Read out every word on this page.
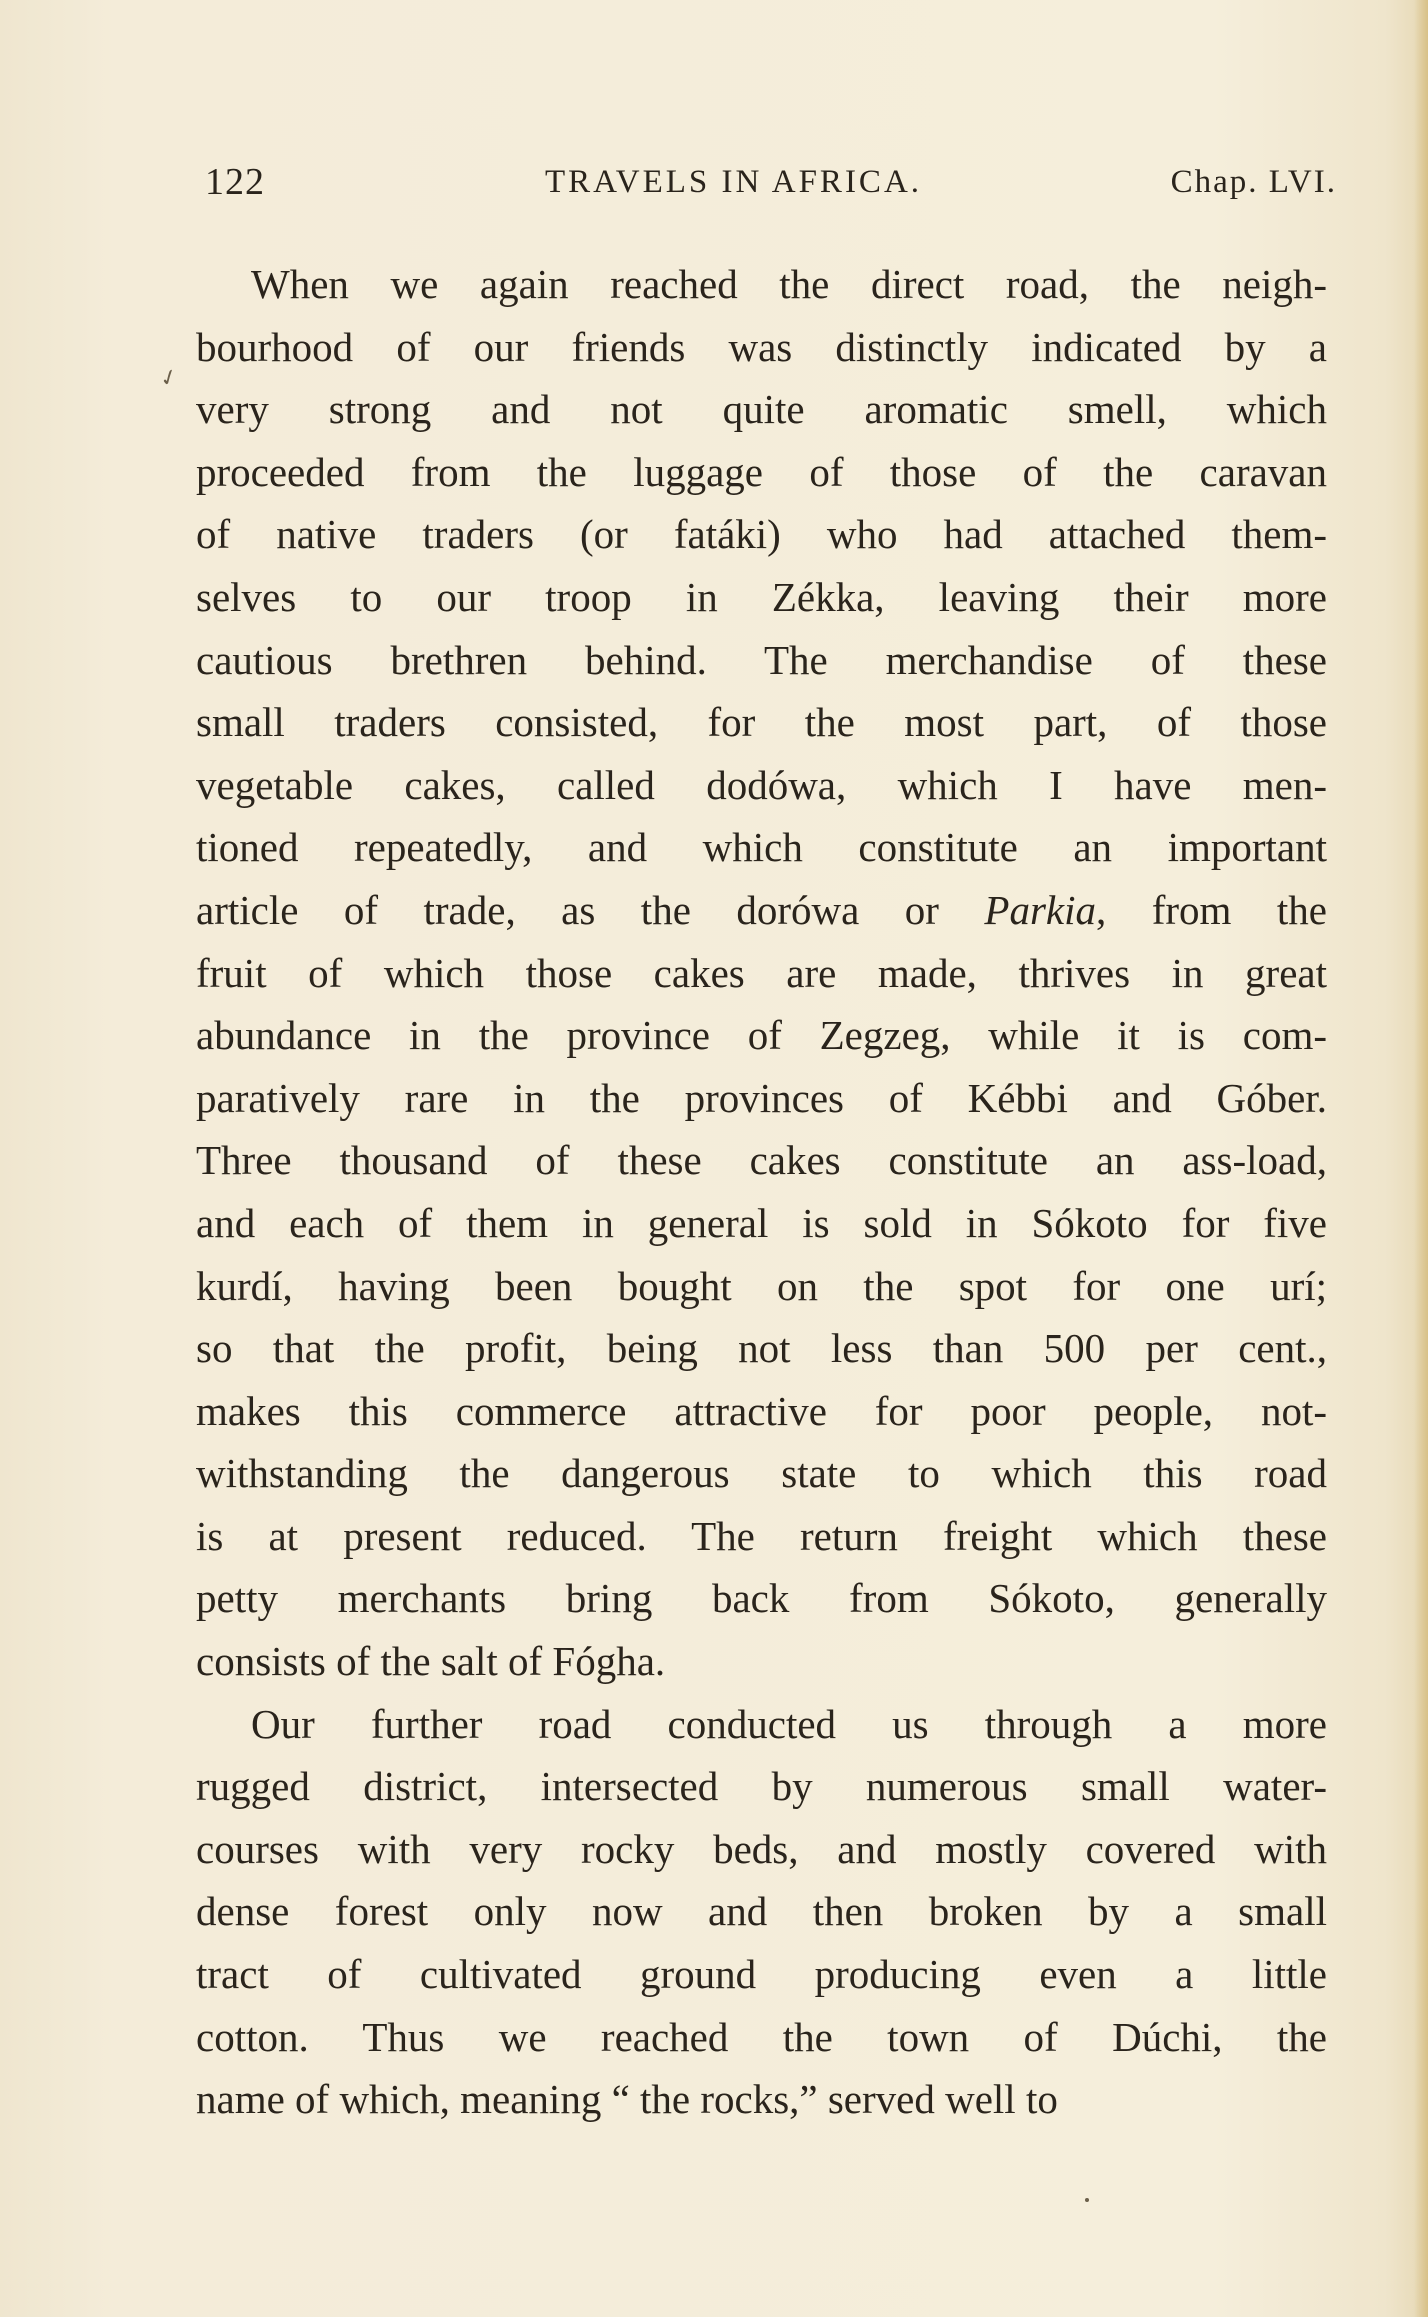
122	TRAVELS IN AFRICA.	Chap. LVI.
✓
When we again reached the direct road, the neigh-
bourhood of our friends was distinctly indicated by a
very strong and not quite aromatic smell, which
proceeded from the luggage of those of the caravan
of native traders (or fatáki) who had attached them-
selves to our troop in Zékka, leaving their more
cautious brethren behind. The merchandise of these
small traders consisted, for the most part, of those
vegetable cakes, called dodówa, which I have men-
tioned repeatedly, and which constitute an important
article of trade, as the dorówa or Parkia, from the
fruit of which those cakes are made, thrives in great
abundance in the province of Zegzeg, while it is com-
paratively rare in the provinces of Kébbi and Góber.
Three thousand of these cakes constitute an ass-load,
and each of them in general is sold in Sókoto for five
kurdí, having been bought on the spot for one urí;
so that the profit, being not less than 500 per cent.,
makes this commerce attractive for poor people, not-
withstanding the dangerous state to which this road
is at present reduced. The return freight which these
petty merchants bring back from Sókoto, generally
consists of the salt of Fógha.
Our further road conducted us through a more
rugged district, intersected by numerous small water-
courses with very rocky beds, and mostly covered with
dense forest only now and then broken by a small
tract of cultivated ground producing even a little
cotton. Thus we reached the town of Dúchi, the
name of which, meaning “ the rocks,” served well to
